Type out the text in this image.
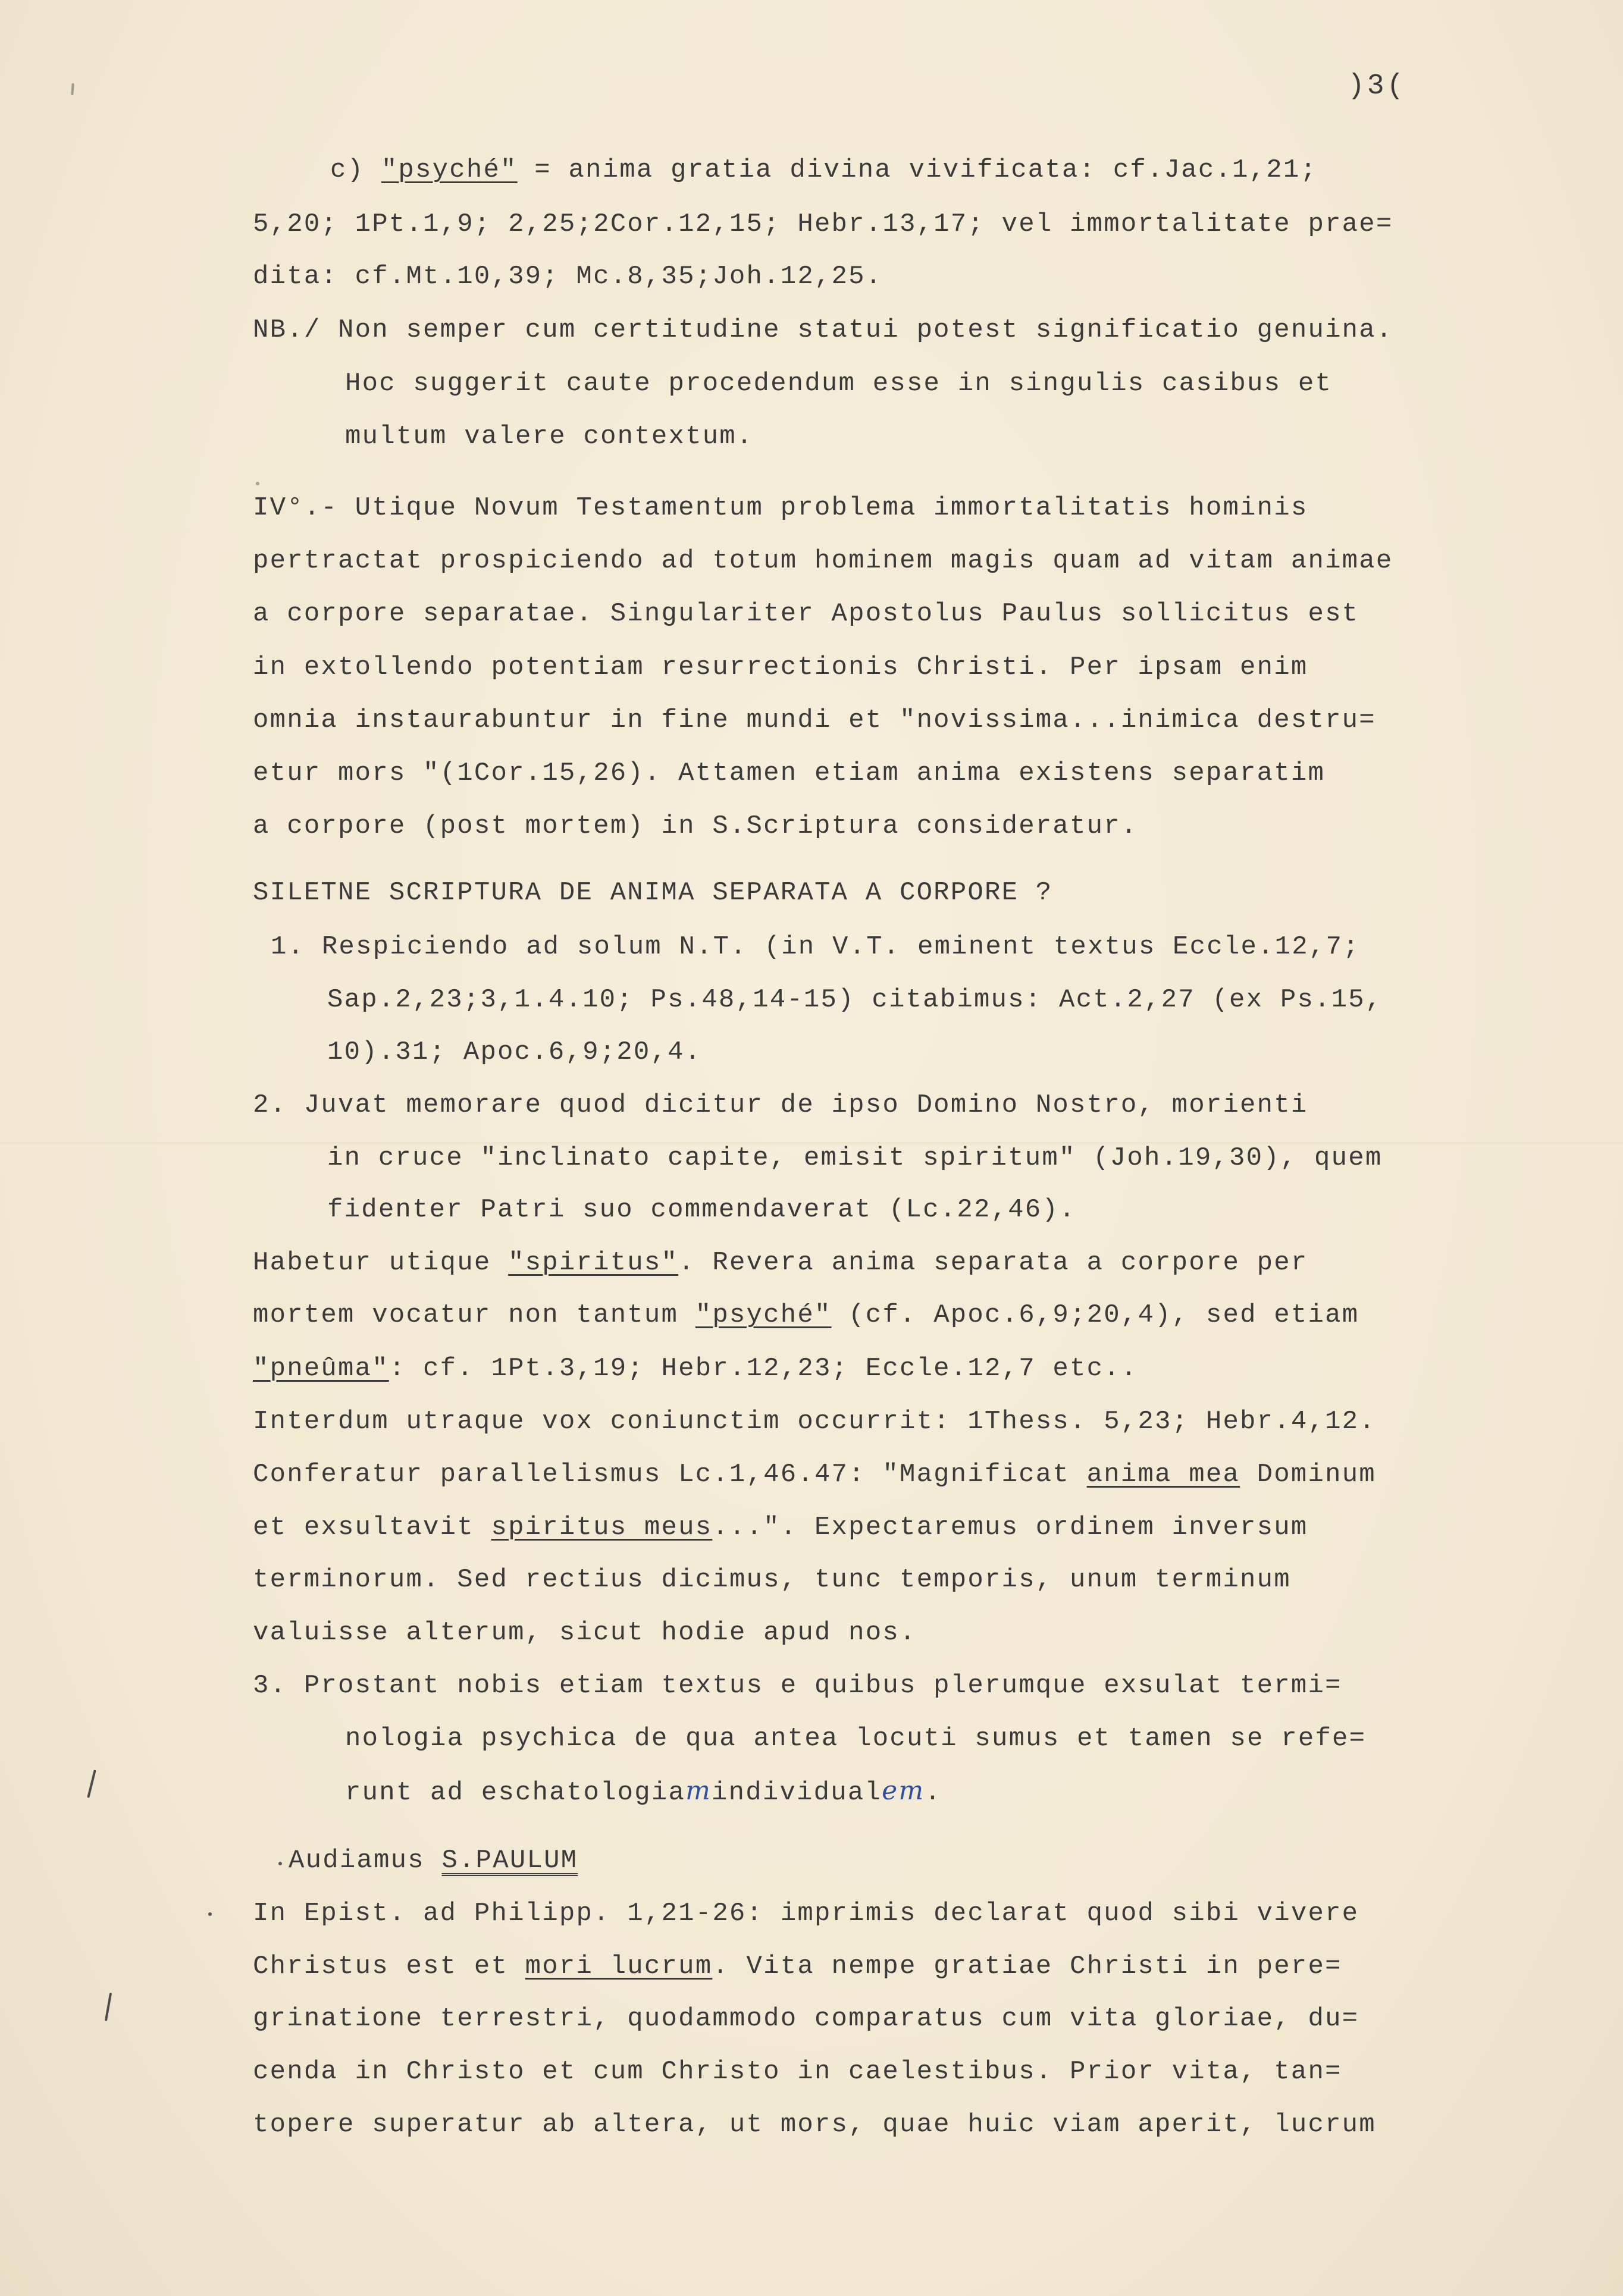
)3(
c) "psyché" = anima gratia divina vivificata: cf.Jac.1,21;
5,20; 1Pt.1,9; 2,25;2Cor.12,15; Hebr.13,17; vel immortalitate prae=
dita: cf.Mt.10,39; Mc.8,35;Joh.12,25.
NB./ Non semper cum certitudine statui potest significatio genuina.
Hoc suggerit caute procedendum esse in singulis casibus et
multum valere contextum.
IV°.- Utique Novum Testamentum problema immortalitatis hominis
pertractat prospiciendo ad totum hominem magis quam ad vitam animae
a corpore separatae. Singulariter Apostolus Paulus sollicitus est
in extollendo potentiam resurrectionis Christi. Per ipsam enim
omnia instaurabuntur in fine mundi et "novissima...inimica destru=
etur mors "(1Cor.15,26). Attamen etiam anima existens separatim
a corpore (post mortem) in S.Scriptura consideratur.
SILETNE SCRIPTURA DE ANIMA SEPARATA A CORPORE ?
1. Respiciendo ad solum N.T. (in V.T. eminent textus Eccle.12,7;
Sap.2,23;3,1.4.10; Ps.48,14-15) citabimus: Act.2,27 (ex Ps.15,
10).31; Apoc.6,9;20,4.
2. Juvat memorare quod dicitur de ipso Domino Nostro, morienti
in cruce "inclinato capite, emisit spiritum" (Joh.19,30), quem
fidenter Patri suo commendaverat (Lc.22,46).
Habetur utique "spiritus". Revera anima separata a corpore per
mortem vocatur non tantum "psyché" (cf. Apoc.6,9;20,4), sed etiam
"pneûma": cf. 1Pt.3,19; Hebr.12,23; Eccle.12,7 etc..
Interdum utraque vox coniunctim occurrit: 1Thess. 5,23; Hebr.4,12.
Conferatur parallelismus Lc.1,46.47: "Magnificat anima mea Dominum
et exsultavit spiritus meus...". Expectaremus ordinem inversum
terminorum. Sed rectius dicimus, tunc temporis, unum terminum
valuisse alterum, sicut hodie apud nos.
3. Prostant nobis etiam textus e quibus plerumque exsulat termi=
nologia psychica de qua antea locuti sumus et tamen se refe=
runt ad eschatologiamindividualem.
Audiamus S.PAULUM
In Epist. ad Philipp. 1,21-26: imprimis declarat quod sibi vivere
Christus est et mori lucrum. Vita nempe gratiae Christi in pere=
grinatione terrestri, quodammodo comparatus cum vita gloriae, du=
cenda in Christo et cum Christo in caelestibus. Prior vita, tan=
topere superatur ab altera, ut mors, quae huic viam aperit, lucrum
